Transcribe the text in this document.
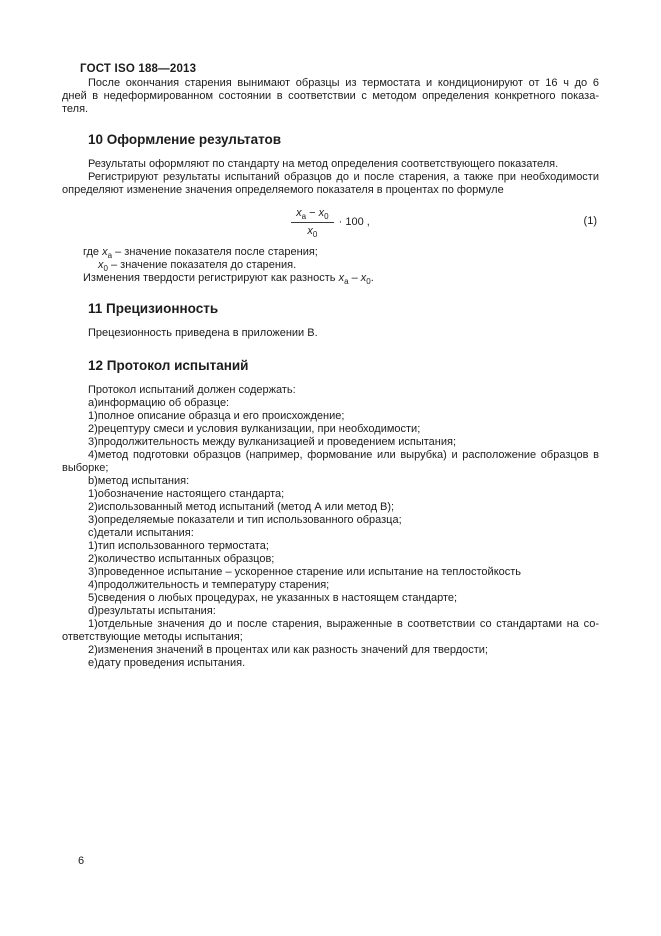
ГОСТ ISO 188—2013
После окончания старения вынимают образцы из термостата и кондиционируют от 16 ч до 6
дней в недеформированном состоянии в соответствии с методом определения конкретного показа-
теля.
10 Оформление результатов
Результаты оформляют по стандарту на метод определения соответствующего показателя.
Регистрируют результаты испытаний образцов до и после старения, а также при необходимости
определяют изменение значения определяемого показателя в процентах по формуле
$\frac{x_a - x_0}{x_0} \cdot 100$ ,	(1)
где $x_a$ – значение показателя после старения;
$x_0$ – значение показателя до старения.
Изменения твердости регистрируют как разность $x_a - x_0$.
11 Прецизионность
Прецезионность приведена в приложении В.
12 Протокол испытаний
Протокол испытаний должен содержать:
a)информацию об образце:
1)полное описание образца и его происхождение;
2)рецептуру смеси и условия вулканизации, при необходимости;
3)продолжительность между вулканизацией и проведением испытания;
4)метод подготовки образцов (например, формование или вырубка) и расположение образцов в
выборке;
b)метод испытания:
1)обозначение настоящего стандарта;
2)использованный метод испытаний (метод А или метод В);
3)определяемые показатели и тип использованного образца;
c)детали испытания:
1)тип использованного термостата;
2)количество испытанных образцов;
3)проведенное испытание – ускоренное старение или испытание на теплостойкость
4)продолжительность и температуру старения;
5)сведения о любых процедурах, не указанных в настоящем стандарте;
d)результаты испытания:
1)отдельные значения до и после старения, выраженные в соответствии со стандартами на со-
ответствующие методы испытания;
2)изменения значений в процентах или как разность значений для твердости;
e)дату проведения испытания.
6
